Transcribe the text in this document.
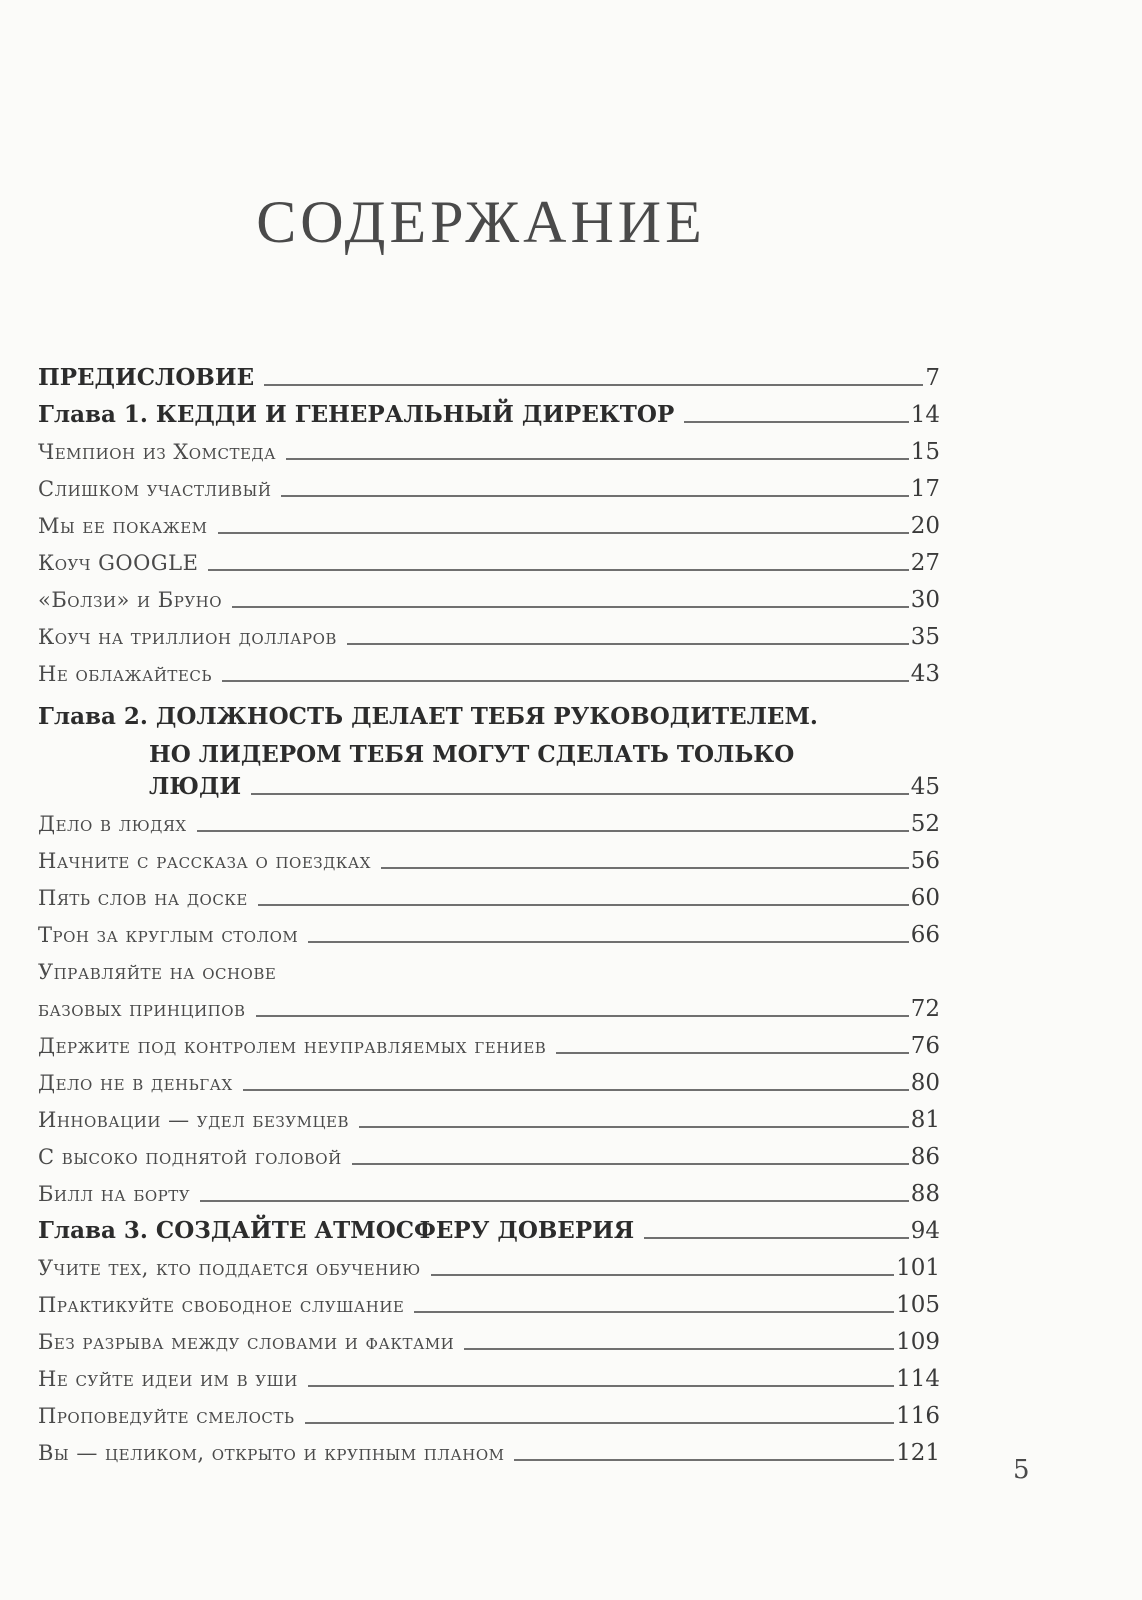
СОДЕРЖАНИЕ
ПРЕДИСЛОВИЕ	7
Глава 1. КЕДДИ И ГЕНЕРАЛЬНЫЙ ДИРЕКТОР	14
Чемпион из Хомстеда	15
Слишком участливый	17
Мы ее покажем	20
Коуч GOOGLE	27
«Болзи» и Бруно	30
Коуч на триллион долларов	35
Не облажайтесь	43
Глава 2. ДОЛЖНОСТЬ ДЕЛАЕТ ТЕБЯ РУКОВОДИТЕЛЕМ.
НО ЛИДЕРОМ ТЕБЯ МОГУТ СДЕЛАТЬ ТОЛЬКО
ЛЮДИ	45
Дело в людях	52
Начните с рассказа о поездках	56
Пять слов на доске	60
Трон за круглым столом	66
Управляйте на основе
базовых принципов	72
Держите под контролем неуправляемых гениев	76
Дело не в деньгах	80
Инновации — удел безумцев	81
С высоко поднятой головой	86
Билл на борту	88
Глава 3. СОЗДАЙТЕ АТМОСФЕРУ ДОВЕРИЯ	94
Учите тех, кто поддается обучению	101
Практикуйте свободное слушание	105
Без разрыва между словами и фактами	109
Не суйте идеи им в уши	114
Проповедуйте смелость	116
Вы — целиком, открыто и крупным планом	121
5
